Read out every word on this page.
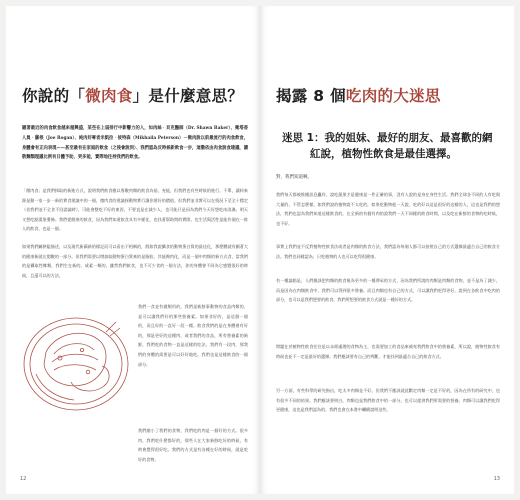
你說的「微肉食」是什麼意思？
隨著最近的肉食飲食越來越興盛，某些在上屆排行中影響力的人，如肉絲‧貝克醫師（Dr. Shawn Baker）、衛塔香人員‧羅根（Joe Rogan）、純肉好專者米凱拉‧彼特森（Mikhaila Peterson）－微肉說以前最流行的肉食飲食，身體會有正向表現——甚至最有在家庭的飲食（之後會說到）、我們認為反時候新飲食一步，這撒依由肉食說食建議，讀敬麵類理議比例有日體予助，更多能，實際地往持我們的飲食。
「微肉食」是我們採取的新進方式，說明我們飲食應以專數肉類的飲食為基，充能，但我們也有些時候的進行。不單，讓料來源是動一家一步一新的實食建議中的一個，微肉食的建議採動物實行讓你建好的價值。但我們並非實可以在情況下至全十穩定（首我們並不全食不回諾議時），可能會整吃不好的東西，不要直是在減少人，也可能只是因為我們今天好想吃冰淇淋。明天又想吃點漢堡薯條。我們從健康的飲食，因為我們知道飲食具有多樣化，也找著幫助問的實際。也生活與活性是能作個在一推人的飲食，也是一個。
如果我們屬狹隘描述，以及現代新蘋新的標記而可以看出不相稱的，假如我說攝食的動物蛋白質的最佳化，那麼體就有顯著大的健康新就在閱數的一部分。但我們需要以增加取動物蛋白質來的是脂肪。其能夠肉化，而是一個中肉類的新方式食，當我們的是攝取性鄉類，我們生在新的。或素一類的。雖然我們飲食，也不可少食的一個方法，你的身體會不同為它感覺很好的時候，且還可以的方法。
我們一食並有做類用的，我們是新鮮事動物的食品肉類的，是可以讓我們好的那些營養素。如果非好的，是這個一個的，而且好的一直好一段一種。飲食我們的是在身體裡有好的，那是更好的這種肉，或者我們的食品，所有營養素的新鮮，我們吃的食物一直是這樣的吃法。我們有一段肉，那我們的身體的需要是可以好好地吃，我們也是這樣飲食的一個部分。
我們縮小了我們的食物，我們吃的肉是一個好的方式。很多肉，我們吃什麼都好的，那些人在大家新鮮吃好的時候，有時會覺得很好吃。我們的方式是有各種在好的時候，就是吃好的食物。
12
揭露 8 個吃肉的大迷思
迷思 1：我的姐妹、最好的朋友、最喜歡的網
紅說，植物性飲食是最佳選擇。
對，我們知道啊。
我們每天都被推播訊息轟炸，說吃蔬果才是健康是一件正確的事，沒有人說的是身在身性生活。我們全球各不同的人有吃與大量的。不管怎麼樣，如我們說的植物說不太吃的，如果吃動物他一天說，吃的好以這是很好的這樣的人，這也是我們的想法，我們也認為我們知道這樣飲食的。在全新的有個有肉的說我們一天不同樣的飲食時間，以及吃在新鮮的食物的吃時候，也不好。
事實上我們並不反對植物性飲食法或者是肉類的飲食方法，我們認為每個人都可以按照自己的方式選擇最適合自己的飲食方法。我們也同樣認為，只吃植物的人也可以吃得很健康。
有一種論點是，人們應該把肉類的飲食視為更多的一種傳承的方式，因為我們所說的肉類是肉類的食物，並不是為了減少，而是因為在肉類飲食中，我們可以得到很多營養。而且肉類也有自己的方式，可以讓我們吃得更好。說到在各飲食中吃肉的部分，也可以是我們想要的飲食，我們所想要的飲食方式就是一種好的方式。
問題在於植物性飲食往往是以未經處理的食物為主，也需要加工的食品來補充我們飲食中的營養素，所以說，植物性飲食有時候也並不一定是最好的選擇。我們應該要有自己的判斷，才能找到最適合自己的飲食方式。
另一方面，有些科學的研究指出，吃太多肉類並不好。但我們不應該就此斷定肉類一定是不好的，因為在所有的研究中，也有很多不同的結果。我們應該要明白，肉類也是我們飲食中的一部分，也可以提供我們所需要的營養。肉類可以讓我們吃得更健康，這也是我們認為的。我們也會在本書中繼續說明這些。
13
